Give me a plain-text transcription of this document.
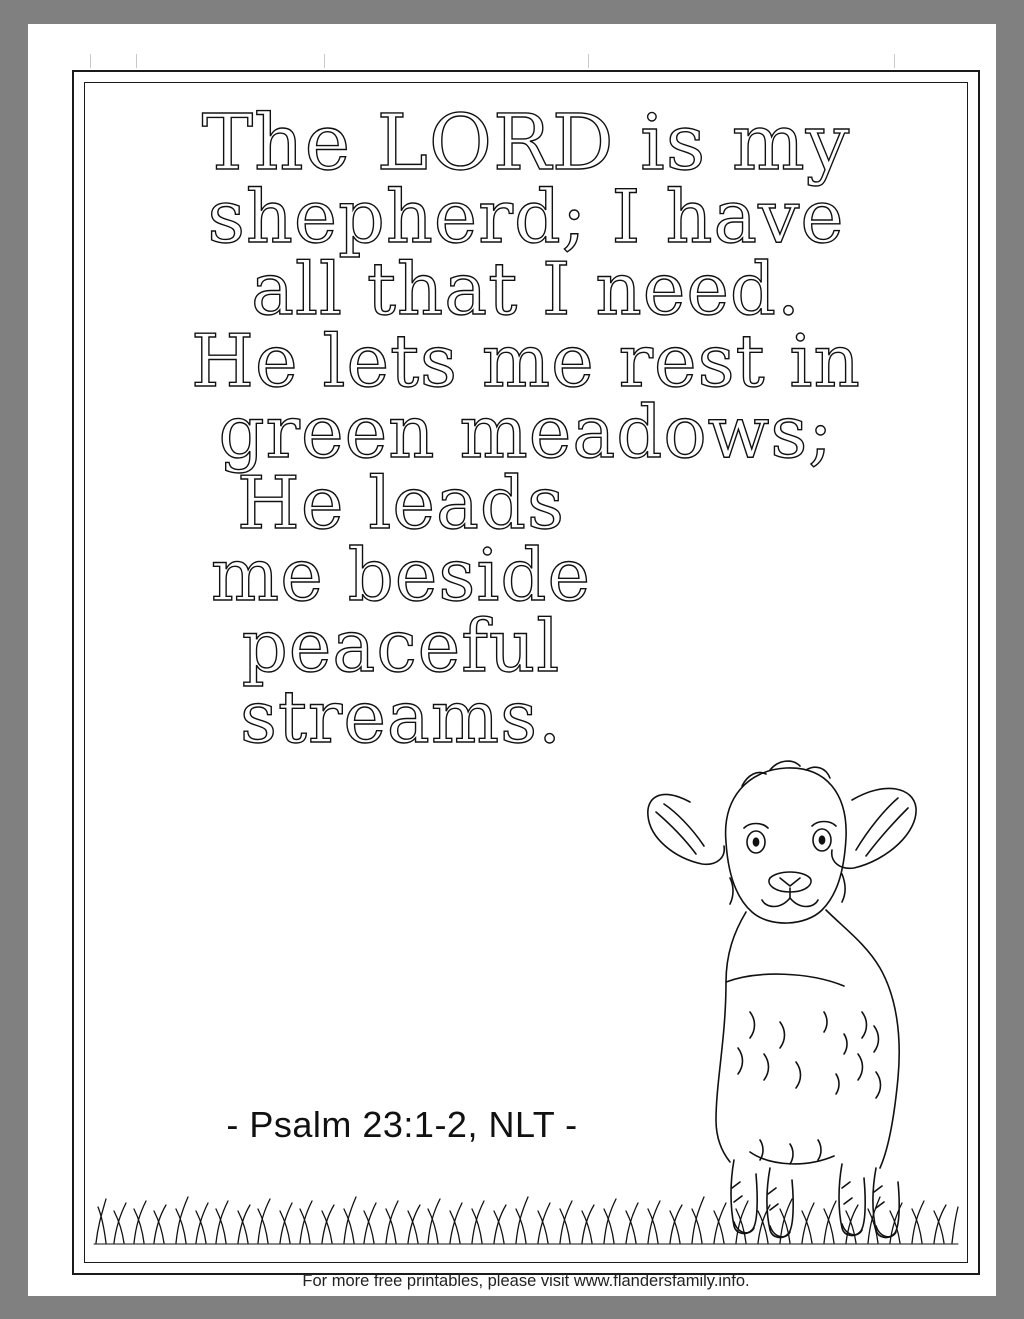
The LORD is my
shepherd; I have
all that I need.
He lets me rest in
green meadows;
He leads
me beside
peaceful
streams.
- Psalm 23:1-2, NLT -
For more free printables, please visit www.flandersfamily.info.
